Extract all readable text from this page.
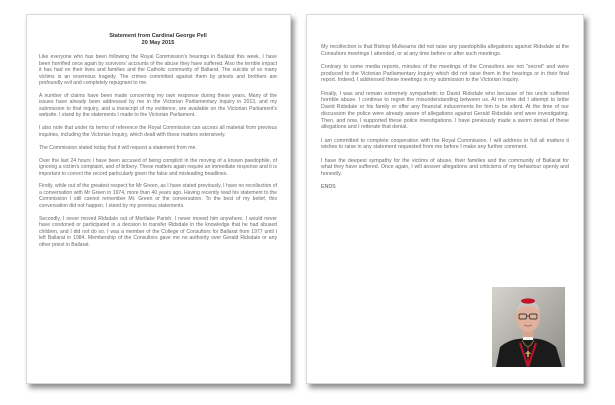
Statement from Cardinal George Pell
20 May 2015

Like everyone who has been following the Royal Commission's hearings in Ballarat this week, I have been horrified once again by survivors' accounts of the abuse they have suffered. Also the terrible impact it has had on their lives and families and the Catholic community of Ballarat. The suicide of so many victims is an enormous tragedy. The crimes committed against them by priests and brothers are profoundly evil and completely repugnant to me.

A number of claims have been made concerning my own response during these years. Many of the issues have already been addressed by me in the Victorian Parliamentary Inquiry in 2013, and my submission to that inquiry, and a transcript of my evidence, are available on the Victorian Parliament's website. I stand by the statements I made to the Victorian Parliament.

I also note that under its terms of reference the Royal Commission can access all material from previous inquiries, including the Victorian Inquiry, which dealt with these matters extensively.

The Commission stated today that it will request a statement from me.

Over the last 24 hours I have been accused of being complicit in the moving of a known paedophile, of ignoring a victim's complaint, and of bribery. These matters again require an immediate response and it is important to correct the record particularly given the false and misleading headlines.

Firstly, while out of the greatest respect for Mr Green, as I have stated previously, I have no recollection of a conversation with Mr Green in 1974, more than 40 years ago. Having recently read his statement to the Commission I still cannot remember Mr. Green or the conversation. To the best of my belief, this conversation did not happen. I stand by my previous statements.

Secondly, I never moved Ridsdale out of Mortlake Parish. I never moved him anywhere. I would never have condoned or participated in a decision to transfer Ridsdale in the knowledge that he had abused children, and I did not do so. I was a member of the College of Consultors for Ballarat from 1977 until I left Ballarat in 1984. Membership of the Consultors gave me no authority over Gerald Ridsdale or any other priest in Ballarat.

My recollection is that Bishop Mulkearns did not raise any paedophilia allegations against Ridsdale at the Consultors meetings I attended, or at any time before or after such meetings.

Contrary to some media reports, minutes of the meetings of the Consultors are not "secret" and were produced to the Victorian Parliamentary Inquiry which did not raise them in the hearings or in their final report. Indeed, I addressed these meetings in my submission to the Victorian Inquiry.

Finally, I was and remain extremely sympathetic to David Ridsdale who because of his uncle suffered horrible abuse. I continue to regret the misunderstanding between us. At no time did I attempt to bribe David Ridsdale or his family or offer any financial inducements for him to be silent. At the time of our discussion the police were already aware of allegations against Gerald Ridsdale and were investigating. Then, and now, I supported these police investigations. I have previously made a sworn denial of these allegations and I reiterate that denial.

I am committed to complete cooperation with the Royal Commission. I will address in full all matters it wishes to raise in any statement requested from me before I make any further comment.

I have the deepest sympathy for the victims of abuse, their families and the community of Ballarat for what they have suffered. Once again, I will answer allegations and criticisms of my behaviour openly and honestly.

ENDS
